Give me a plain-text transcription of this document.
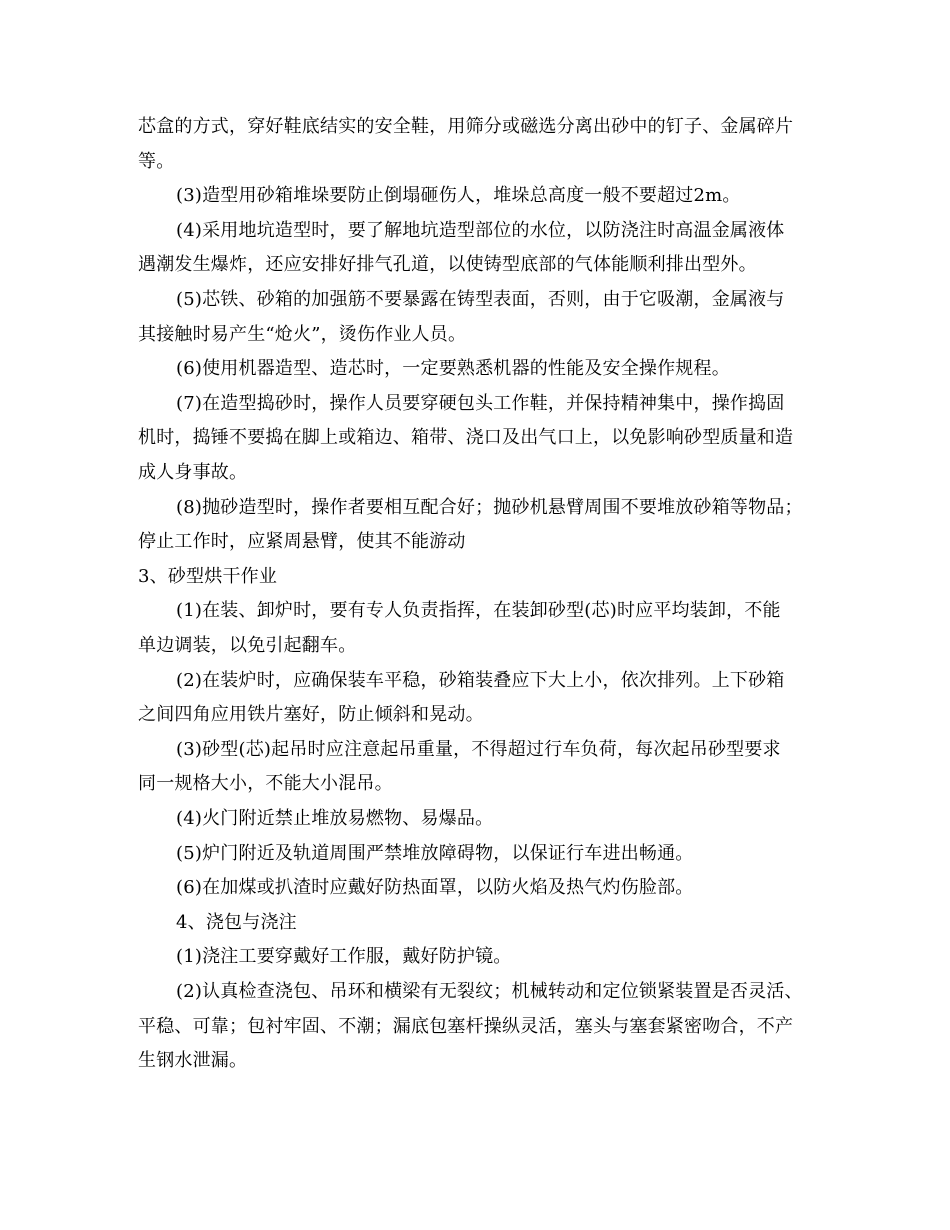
芯盒的方式，穿好鞋底结实的安全鞋，用筛分或磁选分离出砂中的钉子、金属碎片
等。
(3)造型用砂箱堆垛要防止倒塌砸伤人，堆垛总高度一般不要超过2m。
(4)采用地坑造型时，要了解地坑造型部位的水位，以防浇注时高温金属液体
遇潮发生爆炸，还应安排好排气孔道，以使铸型底部的气体能顺利排出型外。
(5)芯铁、砂箱的加强筋不要暴露在铸型表面，否则，由于它吸潮，金属液与
其接触时易产生“炝火”，烫伤作业人员。
(6)使用机器造型、造芯时，一定要熟悉机器的性能及安全操作规程。
(7)在造型捣砂时，操作人员要穿硬包头工作鞋，并保持精神集中，操作捣固
机时，捣锤不要捣在脚上或箱边、箱带、浇口及出气口上，以免影响砂型质量和造
成人身事故。
(8)抛砂造型时，操作者要相互配合好；抛砂机悬臂周围不要堆放砂箱等物品；
停止工作时，应紧周悬臂，使其不能游动
3、砂型烘干作业
(1)在装、卸炉时，要有专人负责指挥，在装卸砂型(芯)时应平均装卸，不能
单边调装，以免引起翻车。
(2)在装炉时，应确保装车平稳，砂箱装叠应下大上小，依次排列。上下砂箱
之间四角应用铁片塞好，防止倾斜和晃动。
(3)砂型(芯)起吊时应注意起吊重量，不得超过行车负荷，每次起吊砂型要求
同一规格大小，不能大小混吊。
(4)火门附近禁止堆放易燃物、易爆品。
(5)炉门附近及轨道周围严禁堆放障碍物，以保证行车进出畅通。
(6)在加煤或扒渣时应戴好防热面罩，以防火焰及热气灼伤脸部。
4、浇包与浇注
(1)浇注工要穿戴好工作服，戴好防护镜。
(2)认真检查浇包、吊环和横梁有无裂纹；机械转动和定位锁紧装置是否灵活、
平稳、可靠；包衬牢固、不潮；漏底包塞杆操纵灵活，塞头与塞套紧密吻合，不产
生钢水泄漏。
